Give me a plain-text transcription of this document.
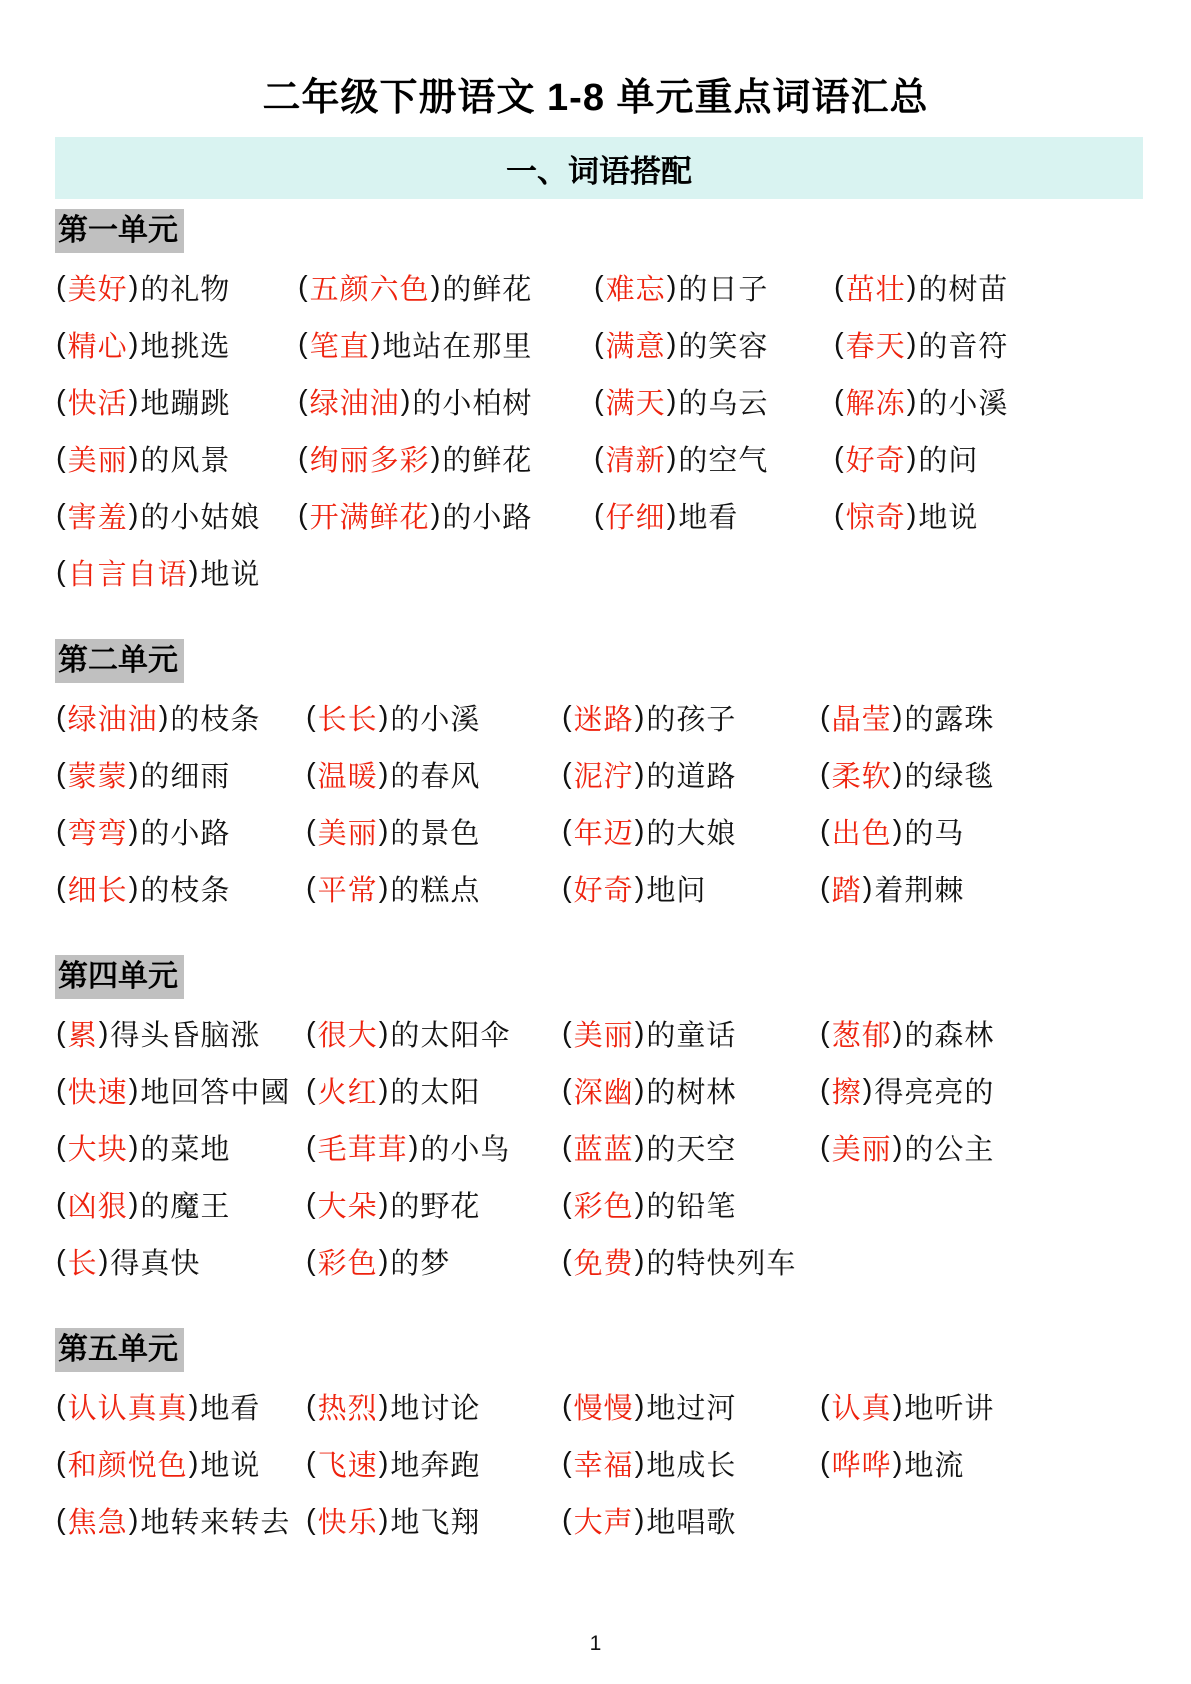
二年级下册语文 1-8 单元重点词语汇总
一、词语搭配
第一单元
( 美好 ) 的礼物 ( 五颜六色 ) 的鲜花 ( 难忘 ) 的日子 ( 茁壮 ) 的树苗
( 精心 ) 地挑选 ( 笔直 ) 地站在那里 ( 满意 ) 的笑容 ( 春天 ) 的音符
( 快活 ) 地蹦跳 ( 绿油油 ) 的小柏树 ( 满天 ) 的乌云 ( 解冻 ) 的小溪
( 美丽 ) 的风景 ( 绚丽多彩 ) 的鲜花 ( 清新 ) 的空气 ( 好奇 ) 的问
( 害羞 ) 的小姑娘 ( 开满鲜花 ) 的小路 ( 仔细 ) 地看	( 惊奇 ) 地说
( 自言自语 ) 地说
第二单元
( 绿油油 ) 的枝条 ( 长长 ) 的小溪	( 迷路 ) 的孩子	( 晶莹 ) 的露珠
( 蒙蒙 ) 的细雨	( 温暖 ) 的春风	( 泥泞 ) 的道路	( 柔软 ) 的绿毯
( 弯弯 ) 的小路	( 美丽 ) 的景色	( 年迈 ) 的大娘	( 出色 ) 的马
( 细长 ) 的枝条	( 平常 ) 的糕点	( 好奇 ) 地问	( 踏 ) 着荆棘
第四单元
( 累 ) 得头昏脑涨 ( 很大 ) 的太阳伞 ( 美丽 ) 的童话	( 葱郁 ) 的森林
( 快速 ) 地回答中國 ( 火红 ) 的太阳	( 深幽 ) 的树林	( 擦 ) 得亮亮的
( 大块 ) 的菜地	( 毛茸茸 ) 的小鸟 ( 蓝蓝 ) 的天空	( 美丽 ) 的公主
( 凶狠 ) 的魔王	( 大朵 ) 的野花	( 彩色 ) 的铅笔
( 长 ) 得真快	( 彩色 ) 的梦	( 免费 ) 的特快列车
第五单元
( 认认真真 ) 地看 ( 热烈 ) 地讨论	( 慢慢 ) 地过河	( 认真 ) 地听讲
( 和颜悦色 ) 地说 ( 飞速 ) 地奔跑	( 幸福 ) 地成长	( 哗哗 ) 地流
( 焦急 ) 地转来转去 ( 快乐 ) 地飞翔	( 大声 ) 地唱歌
1
